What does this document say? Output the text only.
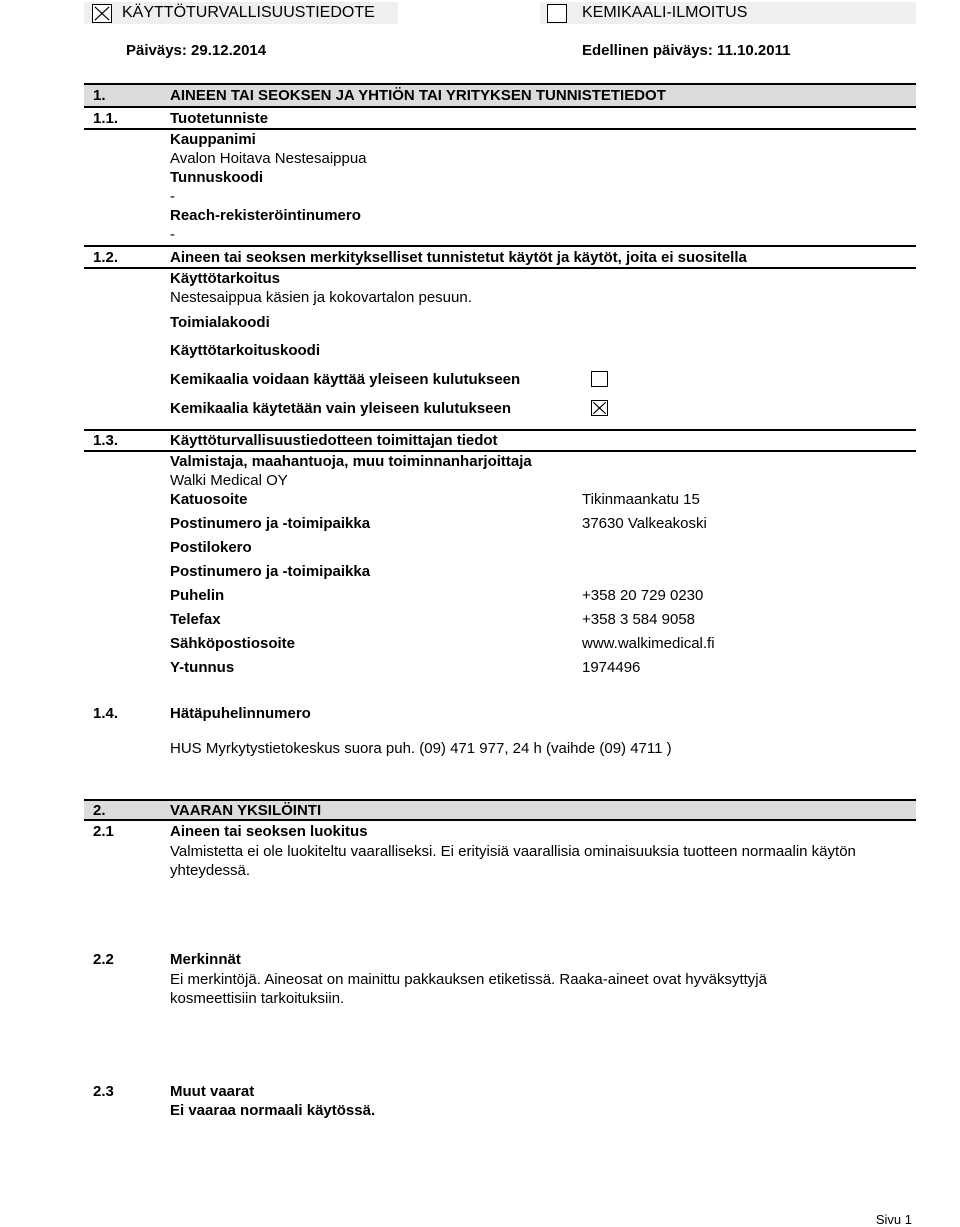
KÄYTTÖTURVALLISUUSTIEDOTE	KEMIKAALI-ILMOITUS
Päiväys: 29.12.2014	Edellinen päiväys: 11.10.2011
1.	AINEEN TAI SEOKSEN JA YHTIÖN TAI YRITYKSEN TUNNISTETIEDOT
1.1.	Tuotetunniste
Kauppanimi
Avalon Hoitava Nestesaippua
Tunnuskoodi
-
Reach-rekisteröintinumero
-
1.2.	Aineen tai seoksen merkitykselliset tunnistetut käytöt ja käytöt, joita ei suositella
Käyttötarkoitus
Nestesaippua käsien ja kokovartalon pesuun.
Toimialakoodi
Käyttötarkoituskoodi
Kemikaalia voidaan käyttää yleiseen kulutukseen
Kemikaalia käytetään vain yleiseen kulutukseen
1.3.	Käyttöturvallisuustiedotteen toimittajan tiedot
Valmistaja, maahantuoja, muu toiminnanharjoittaja
Walki Medical OY
Katuosoite	Tikinmaankatu 15
Postinumero ja -toimipaikka	37630 Valkeakoski
Postilokero
Postinumero ja -toimipaikka
Puhelin	+358 20 729 0230
Telefax	+358 3 584 9058
Sähköpostiosoite	www.walkimedical.fi
Y-tunnus	1974496
1.4.	Hätäpuhelinnumero
HUS Myrkytystietokeskus suora puh. (09) 471 977, 24 h (vaihde (09) 4711 )
2.	VAARAN YKSILÖINTI
2.1	Aineen tai seoksen luokitus
Valmistetta ei ole luokiteltu vaaralliseksi. Ei erityisiä vaarallisia ominaisuuksia tuotteen normaalin käytön yhteydessä.
2.2	Merkinnät
Ei merkintöjä. Aineosat on mainittu pakkauksen etiketissä. Raaka-aineet ovat hyväksyttyjä kosmeettisiin tarkoituksiin.
2.3	Muut vaarat
Ei vaaraa normaali käytössä.
Sivu 1
